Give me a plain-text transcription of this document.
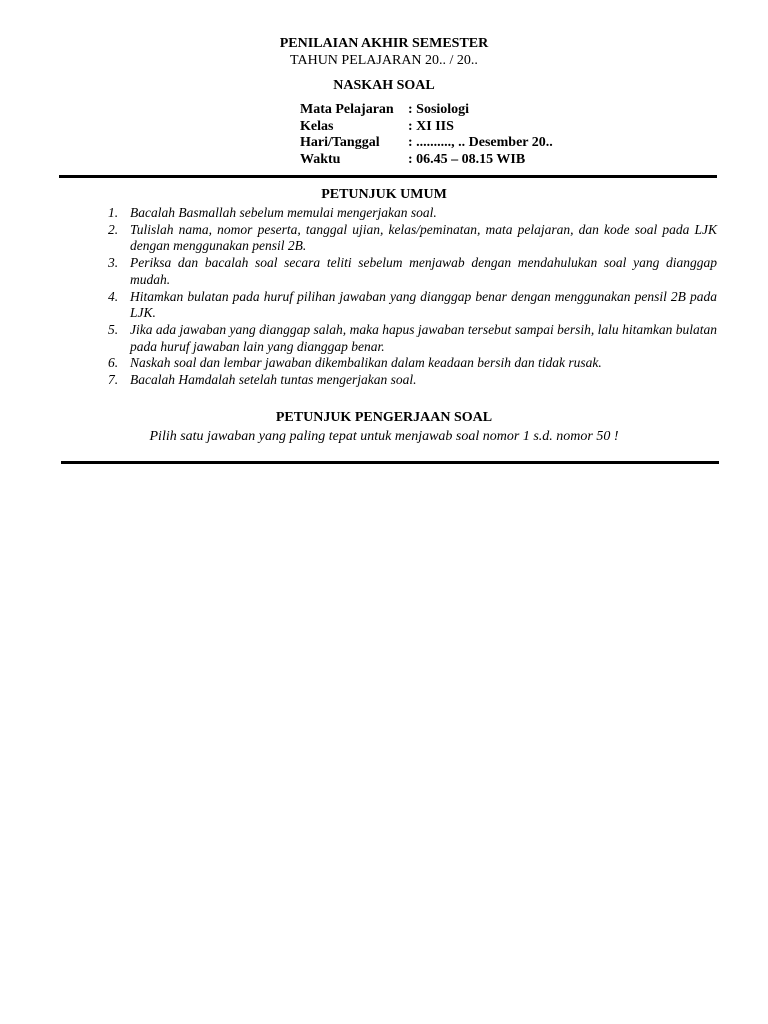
PENILAIAN AKHIR SEMESTER
TAHUN PELAJARAN 20.. / 20..
NASKAH SOAL
Mata Pelajaran	: Sosiologi
Kelas	: XI IIS
Hari/Tanggal	: .........., .. Desember 20..
Waktu	: 06.45 – 08.15 WIB
PETUNJUK UMUM
1. Bacalah Basmallah sebelum memulai mengerjakan soal.
2. Tulislah nama, nomor peserta, tanggal ujian, kelas/peminatan, mata pelajaran, dan kode soal pada LJK dengan menggunakan pensil 2B.
3. Periksa dan bacalah soal secara teliti sebelum menjawab dengan mendahulukan soal yang dianggap mudah.
4. Hitamkan bulatan pada huruf pilihan jawaban yang dianggap benar dengan menggunakan pensil 2B pada LJK.
5. Jika ada jawaban yang dianggap salah, maka hapus jawaban tersebut sampai bersih, lalu hitamkan bulatan pada huruf jawaban lain yang dianggap benar.
6. Naskah soal dan lembar jawaban dikembalikan dalam keadaan bersih dan tidak rusak.
7. Bacalah Hamdalah setelah tuntas mengerjakan soal.
PETUNJUK PENGERJAAN SOAL
Pilih satu jawaban yang paling tepat untuk menjawab soal nomor 1 s.d. nomor 50 !
